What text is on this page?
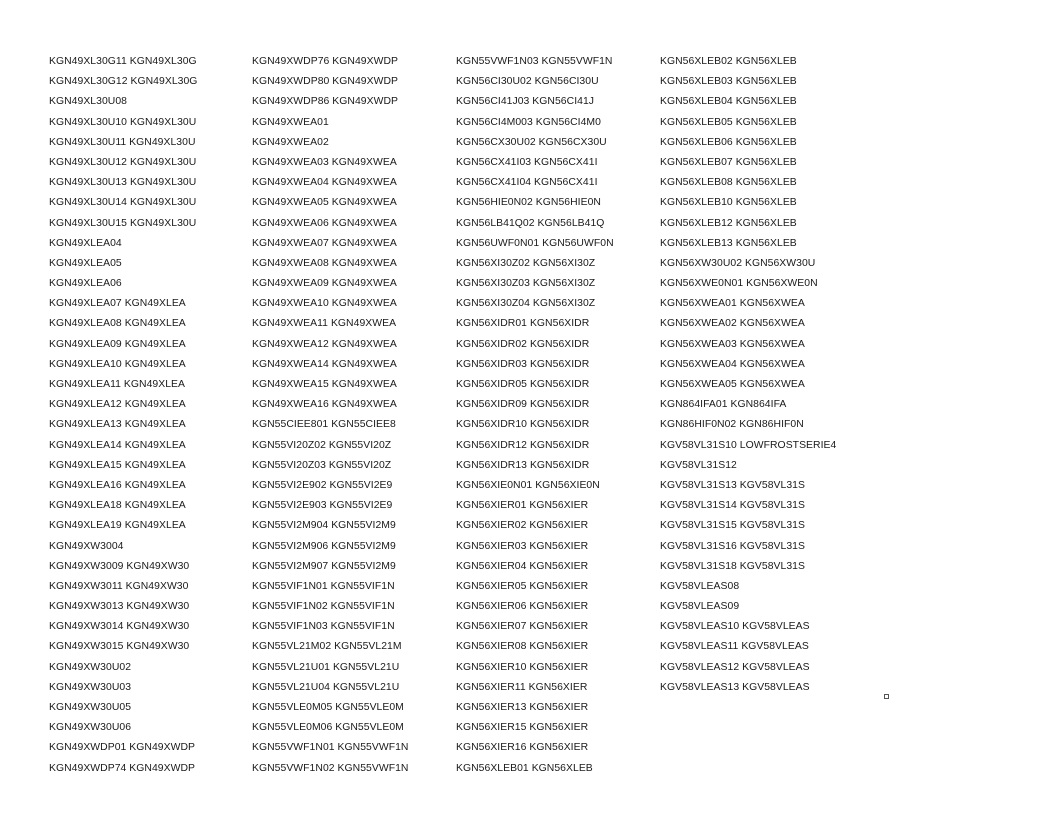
KGN49XL30G11 KGN49XL30G
KGN49XL30G12 KGN49XL30G
KGN49XL30U08
KGN49XL30U10 KGN49XL30U
KGN49XL30U11 KGN49XL30U
KGN49XL30U12 KGN49XL30U
KGN49XL30U13 KGN49XL30U
KGN49XL30U14 KGN49XL30U
KGN49XL30U15 KGN49XL30U
KGN49XLEA04
KGN49XLEA05
KGN49XLEA06
KGN49XLEA07 KGN49XLEA
KGN49XLEA08 KGN49XLEA
KGN49XLEA09 KGN49XLEA
KGN49XLEA10 KGN49XLEA
KGN49XLEA11 KGN49XLEA
KGN49XLEA12 KGN49XLEA
KGN49XLEA13 KGN49XLEA
KGN49XLEA14 KGN49XLEA
KGN49XLEA15 KGN49XLEA
KGN49XLEA16 KGN49XLEA
KGN49XLEA18 KGN49XLEA
KGN49XLEA19 KGN49XLEA
KGN49XW3004
KGN49XW3009 KGN49XW30
KGN49XW3011 KGN49XW30
KGN49XW3013 KGN49XW30
KGN49XW3014 KGN49XW30
KGN49XW3015 KGN49XW30
KGN49XW30U02
KGN49XW30U03
KGN49XW30U05
KGN49XW30U06
KGN49XWDP01 KGN49XWDP
KGN49XWDP74 KGN49XWDP
KGN49XWDP76 KGN49XWDP
KGN49XWDP80 KGN49XWDP
KGN49XWDP86 KGN49XWDP
KGN49XWEA01
KGN49XWEA02
KGN49XWEA03 KGN49XWEA
KGN49XWEA04 KGN49XWEA
KGN49XWEA05 KGN49XWEA
KGN49XWEA06 KGN49XWEA
KGN49XWEA07 KGN49XWEA
KGN49XWEA08 KGN49XWEA
KGN49XWEA09 KGN49XWEA
KGN49XWEA10 KGN49XWEA
KGN49XWEA11 KGN49XWEA
KGN49XWEA12 KGN49XWEA
KGN49XWEA14 KGN49XWEA
KGN49XWEA15 KGN49XWEA
KGN49XWEA16 KGN49XWEA
KGN55CIEE801 KGN55CIEE8
KGN55VI20Z02 KGN55VI20Z
KGN55VI20Z03 KGN55VI20Z
KGN55VI2E902 KGN55VI2E9
KGN55VI2E903 KGN55VI2E9
KGN55VI2M904 KGN55VI2M9
KGN55VI2M906 KGN55VI2M9
KGN55VI2M907 KGN55VI2M9
KGN55VIF1N01 KGN55VIF1N
KGN55VIF1N02 KGN55VIF1N
KGN55VIF1N03 KGN55VIF1N
KGN55VL21M02 KGN55VL21M
KGN55VL21U01 KGN55VL21U
KGN55VL21U04 KGN55VL21U
KGN55VLE0M05 KGN55VLE0M
KGN55VLE0M06 KGN55VLE0M
KGN55VWF1N01 KGN55VWF1N
KGN55VWF1N02 KGN55VWF1N
KGN55VWF1N03 KGN55VWF1N
KGN56CI30U02 KGN56CI30U
KGN56CI41J03 KGN56CI41J
KGN56CI4M003 KGN56CI4M0
KGN56CX30U02 KGN56CX30U
KGN56CX41I03 KGN56CX41I
KGN56CX41I04 KGN56CX41I
KGN56HIE0N02 KGN56HIE0N
KGN56LB41Q02 KGN56LB41Q
KGN56UWF0N01 KGN56UWF0N
KGN56XI30Z02 KGN56XI30Z
KGN56XI30Z03 KGN56XI30Z
KGN56XI30Z04 KGN56XI30Z
KGN56XIDR01 KGN56XIDR
KGN56XIDR02 KGN56XIDR
KGN56XIDR03 KGN56XIDR
KGN56XIDR05 KGN56XIDR
KGN56XIDR09 KGN56XIDR
KGN56XIDR10 KGN56XIDR
KGN56XIDR12 KGN56XIDR
KGN56XIDR13 KGN56XIDR
KGN56XIE0N01 KGN56XIE0N
KGN56XIER01 KGN56XIER
KGN56XIER02 KGN56XIER
KGN56XIER03 KGN56XIER
KGN56XIER04 KGN56XIER
KGN56XIER05 KGN56XIER
KGN56XIER06 KGN56XIER
KGN56XIER07 KGN56XIER
KGN56XIER08 KGN56XIER
KGN56XIER10 KGN56XIER
KGN56XIER11 KGN56XIER
KGN56XIER13 KGN56XIER
KGN56XIER15 KGN56XIER
KGN56XIER16 KGN56XIER
KGN56XLEB01 KGN56XLEB
KGN56XLEB02 KGN56XLEB
KGN56XLEB03 KGN56XLEB
KGN56XLEB04 KGN56XLEB
KGN56XLEB05 KGN56XLEB
KGN56XLEB06 KGN56XLEB
KGN56XLEB07 KGN56XLEB
KGN56XLEB08 KGN56XLEB
KGN56XLEB10 KGN56XLEB
KGN56XLEB12 KGN56XLEB
KGN56XLEB13 KGN56XLEB
KGN56XW30U02 KGN56XW30U
KGN56XWE0N01 KGN56XWE0N
KGN56XWEA01 KGN56XWEA
KGN56XWEA02 KGN56XWEA
KGN56XWEA03 KGN56XWEA
KGN56XWEA04 KGN56XWEA
KGN56XWEA05 KGN56XWEA
KGN864IFA01 KGN864IFA
KGN86HIF0N02 KGN86HIF0N
KGV58VL31S10 LOWFROSTSERIE4
KGV58VL31S12
KGV58VL31S13 KGV58VL31S
KGV58VL31S14 KGV58VL31S
KGV58VL31S15 KGV58VL31S
KGV58VL31S16 KGV58VL31S
KGV58VL31S18 KGV58VL31S
KGV58VLEAS08
KGV58VLEAS09
KGV58VLEAS10 KGV58VLEAS
KGV58VLEAS11 KGV58VLEAS
KGV58VLEAS12 KGV58VLEAS
KGV58VLEAS13 KGV58VLEAS
